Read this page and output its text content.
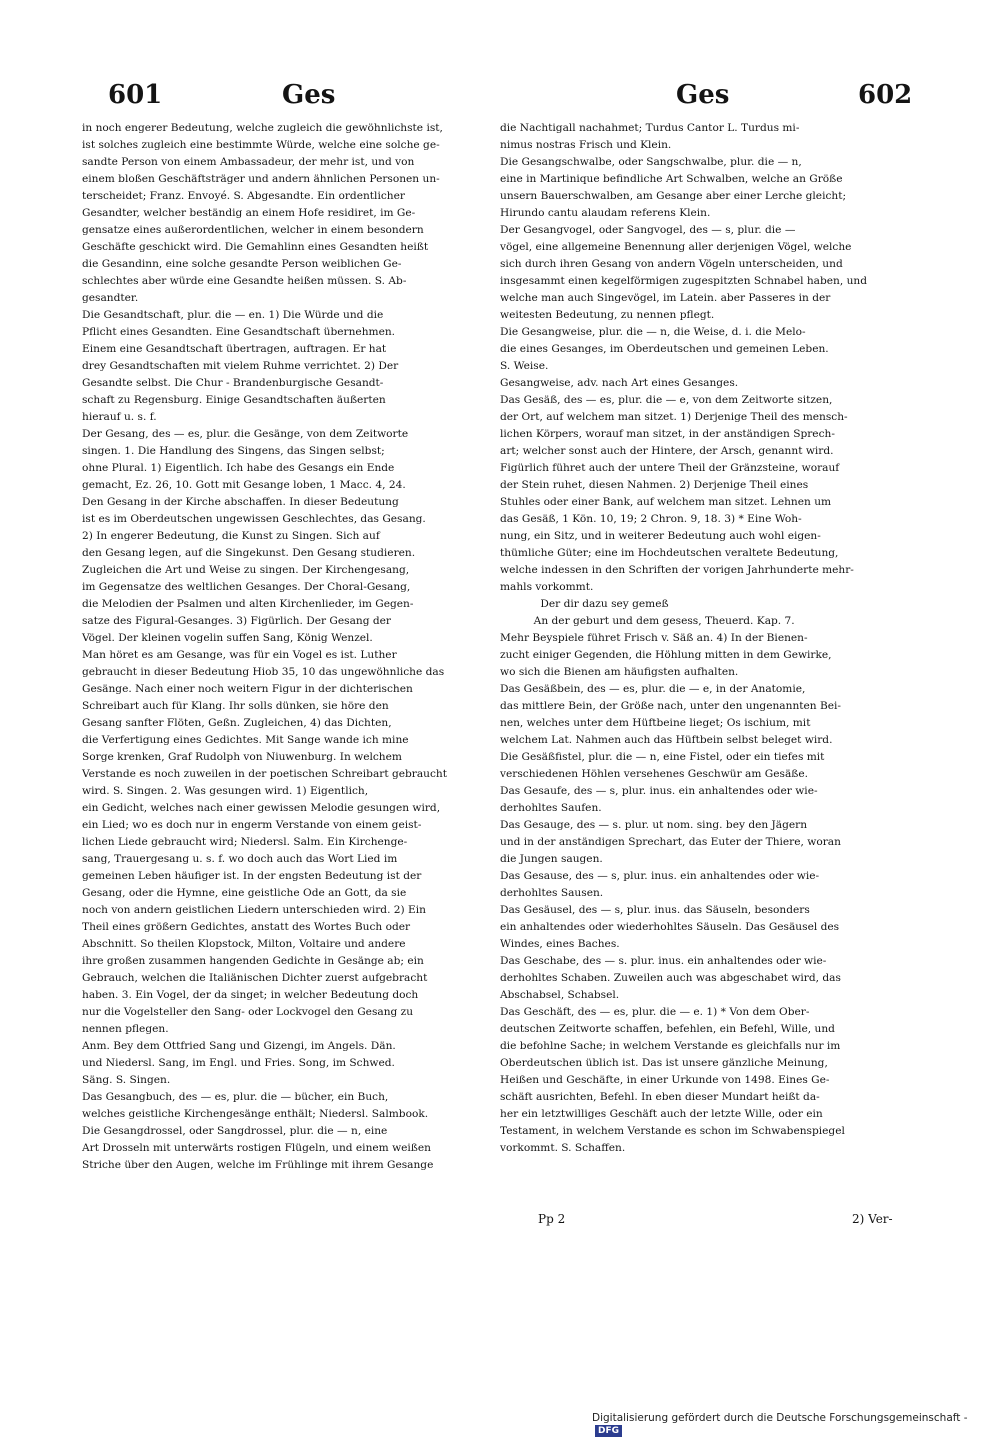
601	Ges	Ges	602
in noch engerer Bedeutung, welche zugleich die gewöhnlichste ist,
ist solches zugleich eine bestimmte Würde, welche eine solche ge-
sandte Person von einem Ambassadeur, der mehr ist, und von
einem bloßen Geschäftsträger und andern ähnlichen Personen un-
terscheidet; Franz. Envoyé. S. Abgesandte. Ein ordentlicher
Gesandter, welcher beständig an einem Hofe residiret, im Ge-
gensatze eines außerordentlichen, welcher in einem besondern
Geschäfte geschickt wird. Die Gemahlinn eines Gesandten heißt
die Gesandinn, eine solche gesandte Person weiblichen Ge-
schlechtes aber würde eine Gesandte heißen müssen. S. Ab-
gesandter.
Die Gesandtschaft, plur. die — en. 1) Die Würde und die
Pflicht eines Gesandten. Eine Gesandtschaft übernehmen.
Einem eine Gesandtschaft übertragen, auftragen. Er hat
drey Gesandtschaften mit vielem Ruhme verrichtet. 2) Der
Gesandte selbst. Die Chur - Brandenburgische Gesandt-
schaft zu Regensburg. Einige Gesandtschaften äußerten
hierauf u. s. f.
Der Gesang, des — es, plur. die Gesänge, von dem Zeitworte
singen. 1. Die Handlung des Singens, das Singen selbst;
ohne Plural. 1) Eigentlich. Ich habe des Gesangs ein Ende
gemacht, Ez. 26, 10. Gott mit Gesange loben, 1 Macc. 4, 24.
Den Gesang in der Kirche abschaffen. In dieser Bedeutung
ist es im Oberdeutschen ungewissen Geschlechtes, das Gesang.
2) In engerer Bedeutung, die Kunst zu Singen. Sich auf
den Gesang legen, auf die Singekunst. Den Gesang studieren.
Zugleichen die Art und Weise zu singen. Der Kirchengesang,
im Gegensatze des weltlichen Gesanges. Der Choral-Gesang,
die Melodien der Psalmen und alten Kirchenlieder, im Gegen-
satze des Figural-Gesanges. 3) Figürlich. Der Gesang der
Vögel. Der kleinen vogelin suffen Sang, König Wenzel.
Man höret es am Gesange, was für ein Vogel es ist. Luther
gebraucht in dieser Bedeutung Hiob 35, 10 das ungewöhnliche das
Gesänge. Nach einer noch weitern Figur in der dichterischen
Schreibart auch für Klang. Ihr solls dünken, sie höre den
Gesang sanfter Flöten, Geßn. Zugleichen, 4) das Dichten,
die Verfertigung eines Gedichtes. Mit Sange wande ich mine
Sorge krenken, Graf Rudolph von Niuwenburg. In welchem
Verstande es noch zuweilen in der poetischen Schreibart gebraucht
wird. S. Singen. 2. Was gesungen wird. 1) Eigentlich,
ein Gedicht, welches nach einer gewissen Melodie gesungen wird,
ein Lied; wo es doch nur in engerm Verstande von einem geist-
lichen Liede gebraucht wird; Niedersl. Salm. Ein Kirchenge-
sang, Trauergesang u. s. f. wo doch auch das Wort Lied im
gemeinen Leben häufiger ist. In der engsten Bedeutung ist der
Gesang, oder die Hymne, eine geistliche Ode an Gott, da sie
noch von andern geistlichen Liedern unterschieden wird. 2) Ein
Theil eines größern Gedichtes, anstatt des Wortes Buch oder
Abschnitt. So theilen Klopstock, Milton, Voltaire und andere
ihre großen zusammen hangenden Gedichte in Gesänge ab; ein
Gebrauch, welchen die Italiänischen Dichter zuerst aufgebracht
haben. 3. Ein Vogel, der da singet; in welcher Bedeutung doch
nur die Vogelsteller den Sang- oder Lockvogel den Gesang zu
nennen pflegen.
Anm. Bey dem Ottfried Sang und Gizengi, im Angels. Dän.
und Niedersl. Sang, im Engl. und Fries. Song, im Schwed.
Säng. S. Singen.
Das Gesangbuch, des — es, plur. die — bücher, ein Buch,
welches geistliche Kirchengesänge enthält; Niedersl. Salmbook.
Die Gesangdrossel, oder Sangdrossel, plur. die — n, eine
Art Drosseln mit unterwärts rostigen Flügeln, und einem weißen
Striche über den Augen, welche im Frühlinge mit ihrem Gesange
die Nachtigall nachahmet; Turdus Cantor L. Turdus mi-
nimus nostras Frisch und Klein.
Die Gesangschwalbe, oder Sangschwalbe, plur. die — n,
eine in Martinique befindliche Art Schwalben, welche an Größe
unsern Bauerschwalben, am Gesange aber einer Lerche gleicht;
Hirundo cantu alaudam referens Klein.
Der Gesangvogel, oder Sangvogel, des — s, plur. die —
vögel, eine allgemeine Benennung aller derjenigen Vögel, welche
sich durch ihren Gesang von andern Vögeln unterscheiden, und
insgesammt einen kegelförmigen zugespitzten Schnabel haben, und
welche man auch Singevögel, im Latein. aber Passeres in der
weitesten Bedeutung, zu nennen pflegt.
Die Gesangweise, plur. die — n, die Weise, d. i. die Melo-
die eines Gesanges, im Oberdeutschen und gemeinen Leben.
S. Weise.
Gesangweise, adv. nach Art eines Gesanges.
Das Gesäß, des — es, plur. die — e, von dem Zeitworte sitzen,
der Ort, auf welchem man sitzet. 1) Derjenige Theil des mensch-
lichen Körpers, worauf man sitzet, in der anständigen Sprech-
art; welcher sonst auch der Hintere, der Arsch, genannt wird.
Figürlich führet auch der untere Theil der Gränzsteine, worauf
der Stein ruhet, diesen Nahmen. 2) Derjenige Theil eines
Stuhles oder einer Bank, auf welchem man sitzet. Lehnen um
das Gesäß, 1 Kön. 10, 19; 2 Chron. 9, 18. 3) * Eine Woh-
nung, ein Sitz, und in weiterer Bedeutung auch wohl eigen-
thümliche Güter; eine im Hochdeutschen veraltete Bedeutung,
welche indessen in den Schriften der vorigen Jahrhunderte mehr-
mahls vorkommt.
Der dir dazu sey gemeß
An der geburt und dem gesess, Theuerd. Kap. 7.
Mehr Beyspiele führet Frisch v. Säß an. 4) In der Bienen-
zucht einiger Gegenden, die Höhlung mitten in dem Gewirke,
wo sich die Bienen am häufigsten aufhalten.
Das Gesäßbein, des — es, plur. die — e, in der Anatomie,
das mittlere Bein, der Größe nach, unter den ungenannten Bei-
nen, welches unter dem Hüftbeine lieget; Os ischium, mit
welchem Lat. Nahmen auch das Hüftbein selbst beleget wird.
Die Gesäßfistel, plur. die — n, eine Fistel, oder ein tiefes mit
verschiedenen Höhlen versehenes Geschwür am Gesäße.
Das Gesaufe, des — s, plur. inus. ein anhaltendes oder wie-
derhohltes Saufen.
Das Gesauge, des — s. plur. ut nom. sing. bey den Jägern
und in der anständigen Sprechart, das Euter der Thiere, woran
die Jungen saugen.
Das Gesause, des — s, plur. inus. ein anhaltendes oder wie-
derhohltes Sausen.
Das Gesäusel, des — s, plur. inus. das Säuseln, besonders
ein anhaltendes oder wiederhohltes Säuseln. Das Gesäusel des
Windes, eines Baches.
Das Geschabe, des — s. plur. inus. ein anhaltendes oder wie-
derhohltes Schaben. Zuweilen auch was abgeschabet wird, das
Abschabsel, Schabsel.
Das Geschäft, des — es, plur. die — e. 1) * Von dem Ober-
deutschen Zeitworte schaffen, befehlen, ein Befehl, Wille, und
die befohlne Sache; in welchem Verstande es gleichfalls nur im
Oberdeutschen üblich ist. Das ist unsere gänzliche Meinung,
Heißen und Geschäfte, in einer Urkunde von 1498. Eines Ge-
schäft ausrichten, Befehl. In eben dieser Mundart heißt da-
her ein letztwilliges Geschäft auch der letzte Wille, oder ein
Testament, in welchem Verstande es schon im Schwabenspiegel
vorkommt. S. Schaffen.
Pp 2	2) Ver-
Digitalisierung gefördert durch die Deutsche Forschungsgemeinschaft - DFG
